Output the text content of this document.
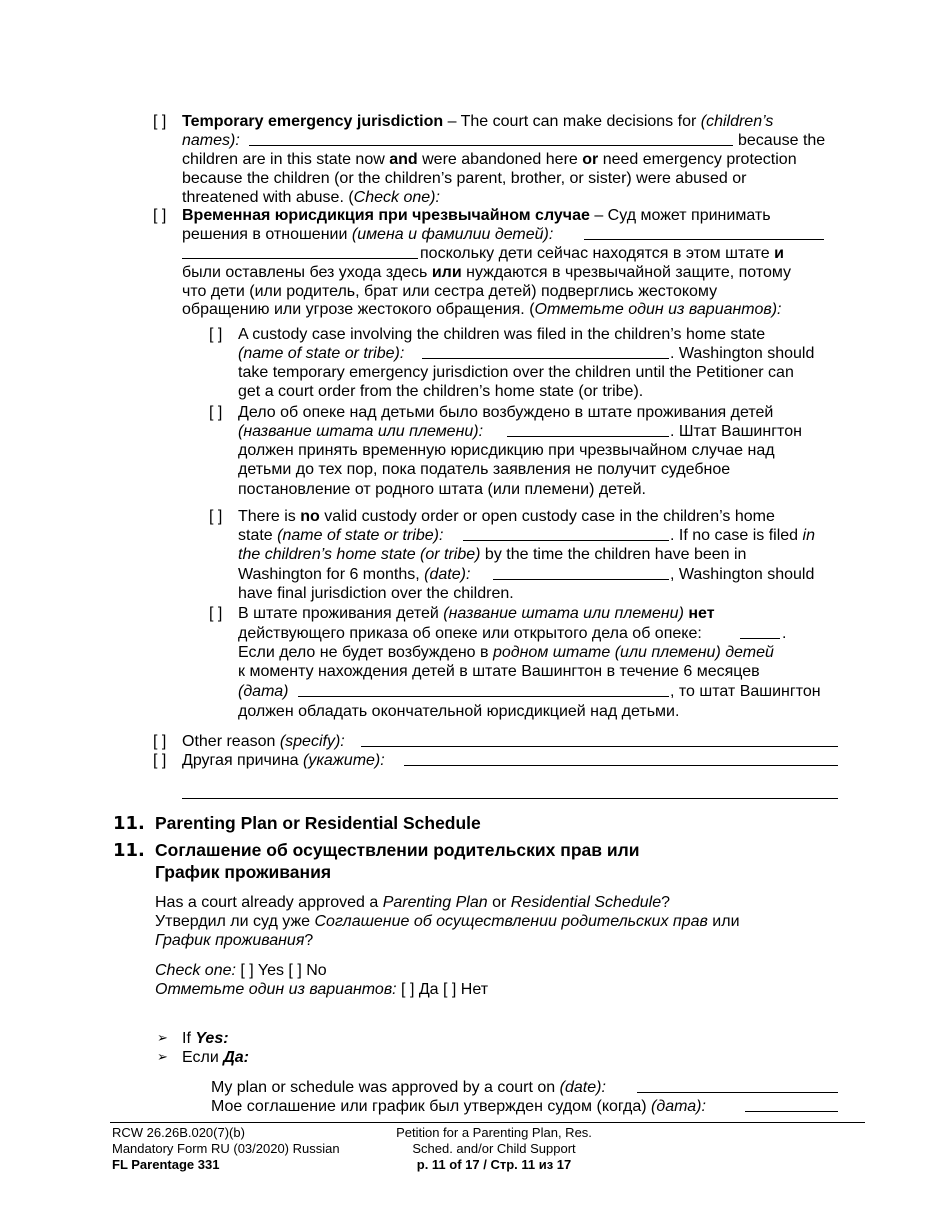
[ ] Temporary emergency jurisdiction – The court can make decisions for (children’s
names):	because the
children are in this state now and were abandoned here or need emergency protection
because the children (or the children’s parent, brother, or sister) were abused or
threatened with abuse. (Check one):
[ ] Временная юрисдикция при чрезвычайном случае – Суд может принимать
решения в отношении (имена и фамилии детей):
поскольку дети сейчас находятся в этом штате и
были оставлены без ухода здесь или нуждаются в чрезвычайной защите, потому
что дети (или родитель, брат или сестра детей) подверглись жестокому
обращению или угрозе жестокого обращения. (Отметьте один из вариантов):
[ ] A custody case involving the children was filed in the children’s home state
(name of state or tribe):	. Washington should
take temporary emergency jurisdiction over the children until the Petitioner can
get a court order from the children’s home state (or tribe).
[ ] Дело об опеке над детьми было возбуждено в штате проживания детей
(название штата или племени):	. Штат Вашингтон
должен принять временную юрисдикцию при чрезвычайном случае над
детьми до тех пор, пока податель заявления не получит судебное
постановление от родного штата (или племени) детей.
[ ] There is no valid custody order or open custody case in the children’s home
state (name of state or tribe):	. If no case is filed in
the children’s home state (or tribe) by the time the children have been in
Washington for 6 months, (date):	, Washington should
have final jurisdiction over the children.
[ ] В штате проживания детей (название штата или племени) нет
действующего приказа об опеке или открытого дела об опеке:	.
Если дело не будет возбуждено в родном штате (или племени) детей
к моменту нахождения детей в штате Вашингтон в течение 6 месяцев
(дата)	, то штат Вашингтон
должен обладать окончательной юрисдикцией над детьми.
[ ] Other reason (specify):
[ ] Другая причина (укажите):
11. Parenting Plan or Residential Schedule
11. Соглашение об осуществлении родительских прав или
График проживания
Has a court already approved a Parenting Plan or Residential Schedule?
Утвердил ли суд уже Соглашение об осуществлении родительских прав или
График проживания?
Check one: [ ] Yes [ ] No
Отметьте один из вариантов: [ ] Да [ ] Нет
➢ If Yes:
➢ Если Да:
My plan or schedule was approved by a court on (date):
Мое соглашение или график был утвержден судом (когда) (дата):
RCW 26.26B.020(7)(b)
Mandatory Form RU (03/2020) Russian
FL Parentage 331
Petition for a Parenting Plan, Res.
Sched. and/or Child Support
p. 11 of 17 / Стр. 11 из 17
